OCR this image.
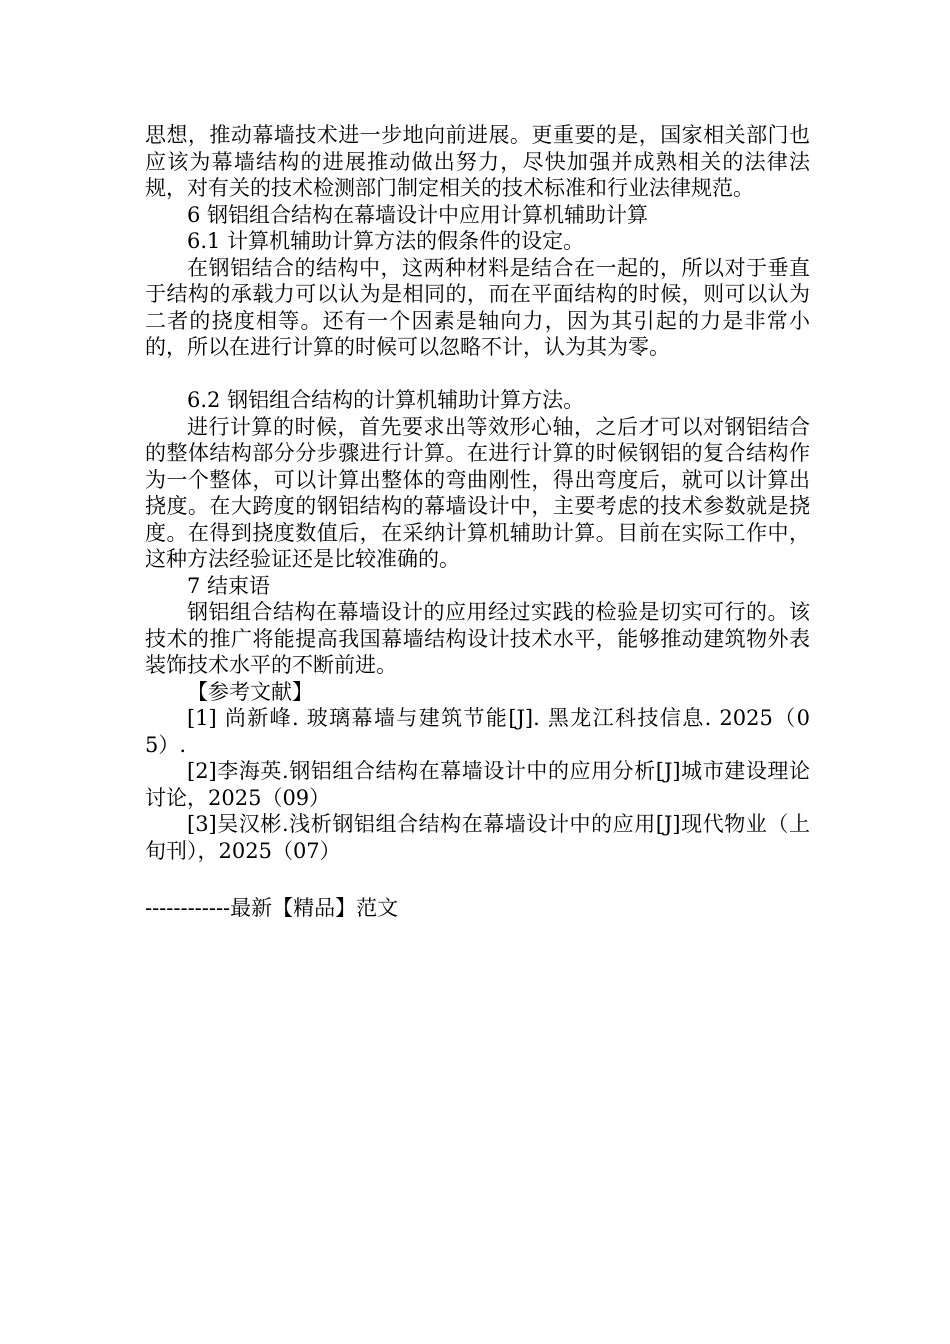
思想，推动幕墙技术进一步地向前进展。更重要的是，国家相关部门也应该为幕墙结构的进展推动做出努力，尽快加强并成熟相关的法律法规，对有关的技术检测部门制定相关的技术标准和行业法律规范。

6 钢铝组合结构在幕墙设计中应用计算机辅助计算

6.1 计算机辅助计算方法的假条件的设定。

在钢铝结合的结构中，这两种材料是结合在一起的，所以对于垂直于结构的承载力可以认为是相同的，而在平面结构的时候，则可以认为二者的挠度相等。还有一个因素是轴向力，因为其引起的力是非常小的，所以在进行计算的时候可以忽略不计，认为其为零。

6.2 钢铝组合结构的计算机辅助计算方法。

进行计算的时候，首先要求出等效形心轴，之后才可以对钢铝结合的整体结构部分分步骤进行计算。在进行计算的时候钢铝的复合结构作为一个整体，可以计算出整体的弯曲刚性，得出弯度后，就可以计算出挠度。在大跨度的钢铝结构的幕墙设计中，主要考虑的技术参数就是挠度。在得到挠度数值后，在采纳计算机辅助计算。目前在实际工作中，这种方法经验证还是比较准确的。

7 结束语

钢铝组合结构在幕墙设计的应用经过实践的检验是切实可行的。该技术的推广将能提高我国幕墙结构设计技术水平，能够推动建筑物外表装饰技术水平的不断前进。

【参考文献】

[1] 尚新峰. 玻璃幕墙与建筑节能[J]. 黑龙江科技信息. 2025（05）.

[2]李海英.钢铝组合结构在幕墙设计中的应用分析[J]城市建设理论讨论，2025（09）

[3]吴汉彬.浅析钢铝组合结构在幕墙设计中的应用[J]现代物业（上旬刊），2025（07）

------------最新【精品】范文
